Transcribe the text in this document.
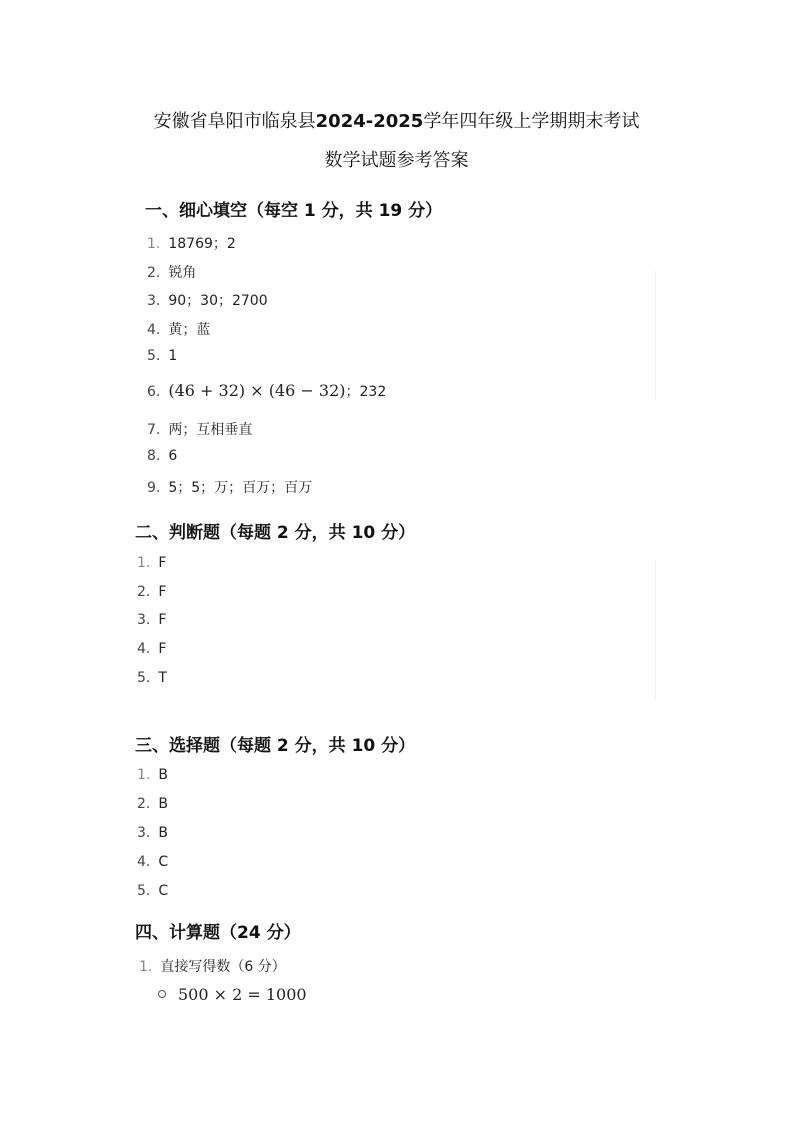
安徽省阜阳市临泉县2024-2025学年四年级上学期期末考试
数学试题参考答案
一、细心填空（每空 1 分，共 19 分）
1. 18769；2
2. 锐角
3. 90；30；2700
4. 黄；蓝
5. 1
6. (46 + 32) × (46 − 32)；232
7. 两；互相垂直
8. 6
9. 5；5；万；百万；百万
二、判断题（每题 2 分，共 10 分）
1. F
2. F
3. F
4. F
5. T
三、选择题（每题 2 分，共 10 分）
1. B
2. B
3. B
4. C
5. C
四、计算题（24 分）
1. 直接写得数（6 分）
500 × 2 = 1000
